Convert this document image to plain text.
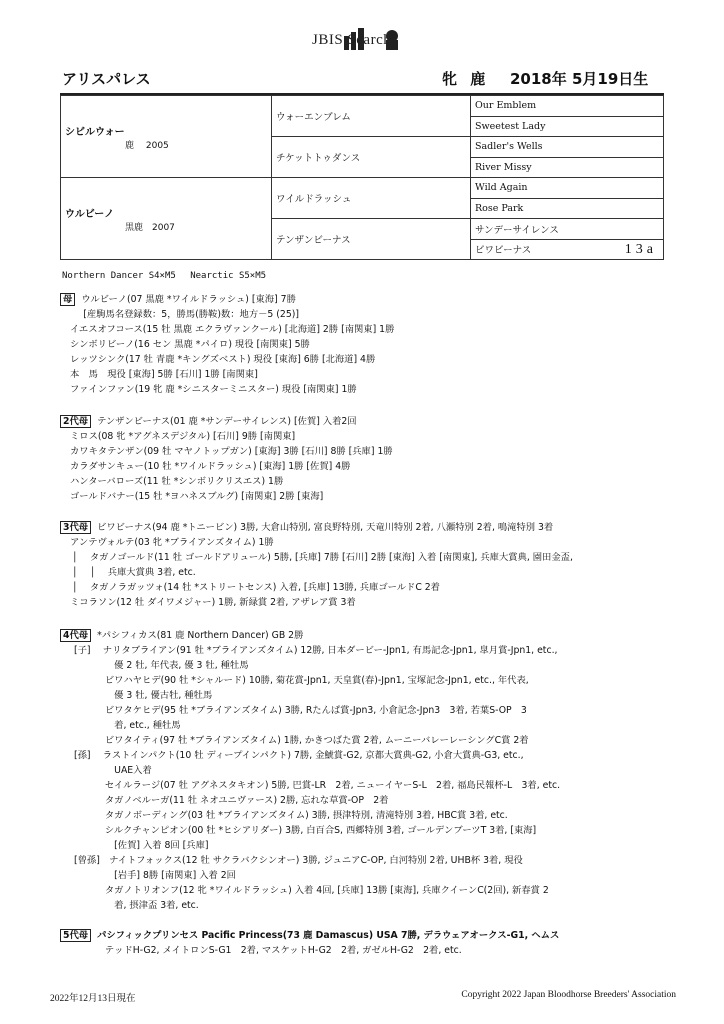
JBIS Search
アリスパレス	牝 鹿 2018年 5月19日生
シビルウォー
鹿　 2005	ウォーエンブレム	Our Emblem
		Sweetest Lady
	チケットトゥダンス	Sadler's Wells
		River Missy

ウルビーノ
黒鹿　2007	ワイルドラッシュ	Wild Again
		Rose Park
	テンザンビーナス	サンデーサイレンス
		ビワビーナス 13a
Northern Dancer S4×M5　 Nearctic S5×M5
母 ウルビーノ(07 黒鹿 *ワイルドラッシュ) [東海] 7勝
　[産駒馬名登録数：5，勝馬(勝鞍)数：地方－5 (25)]
イエスオフコース(15 牡 黒鹿 エクラヴァンクール) [北海道] 2勝 [南関東] 1勝
シンボリビーノ(16 セン 黒鹿 *パイロ) 現役 [南関東] 5勝
レッツシンク(17 牡 青鹿 *キングズベスト) 現役 [東海] 6勝 [北海道] 4勝
本　馬　現役 [東海] 5勝 [石川] 1勝 [南関東]
ファインファン(19 牝 鹿 *シニスターミニスター) 現役 [南関東] 1勝
2代母 テンザンビーナス(01 鹿 *サンデーサイレンス) [佐賀] 入着2回
ミロス(08 牝 *アグネスデジタル) [石川] 9勝 [南関東]
カワキタテンザン(09 牡 マヤノトップガン) [東海] 3勝 [石川] 8勝 [兵庫] 1勝
カラダサンキュー(10 牡 *ワイルドラッシュ) [東海] 1勝 [佐賀] 4勝
ハンターバローズ(11 牡 *シンボリクリスエス) 1勝
ゴールドバナー(15 牡 *ヨハネスブルグ) [南関東] 2勝 [東海]
3代母 ビワビーナス(94 鹿 *トニービン) 3勝, 大倉山特別, 富良野特別, 天竜川特別 2着, 八瀬特別 2着, 鳴滝特別 3着
アンテヴォルテ(03 牝 *ブライアンズタイム) 1勝
│　 タガノゴールド(11 牡 ゴールドアリュール) 5勝, [兵庫] 7勝 [石川] 2勝 [東海] 入着 [南関東], 兵庫大賞典, 園田金盃,
│　 │　 兵庫大賞典 3着, etc.
│　 タガノラガッツォ(14 牡 *ストリートセンス) 入着, [兵庫] 13勝, 兵庫ゴールドC 2着
ミコラソン(12 牡 ダイワメジャー) 1勝, 新緑賞 2着, アザレア賞 3着
4代母 *パシフィカス(81 鹿 Northern Dancer) GB 2勝
[子]　 ナリタブライアン(91 牡 *ブライアンズタイム) 12勝, 日本ダービー-Jpn1, 有馬記念-Jpn1, 皐月賞-Jpn1, etc.,
　　　　 優 2 牡, 年代表, 優 3 牡, 種牡馬
　　　 ビワハヤヒデ(90 牡 *シャルード) 10勝, 菊花賞-Jpn1, 天皇賞(春)-Jpn1, 宝塚記念-Jpn1, etc., 年代表,
　　　　 優 3 牡, 優古牡, 種牡馬
　　　 ビワタケヒデ(95 牡 *ブライアンズタイム) 3勝, Rたんぱ賞-Jpn3, 小倉記念-Jpn3　3着, 若葉S-OP　3
　　　　 着, etc., 種牡馬
　　　 ビワタイティ(97 牡 *ブライアンズタイム) 1勝, かきつばた賞 2着, ムーニーバレーレーシングC賞 2着
[孫]　 ラストインパクト(10 牡 ディープインパクト) 7勝, 金鯱賞-G2, 京都大賞典-G2, 小倉大賞典-G3, etc.,
　　　　 UAE入着
　　　 セイルラージ(07 牡 アグネスタキオン) 5勝, 巴賞-LR　2着, ニューイヤーS-L　2着, 福島民報杯-L　3着, etc.
　　　 タガノベルーガ(11 牡 ネオユニヴァース) 2勝, 忘れな草賞-OP　2着
　　　 タガノボーディング(03 牡 *ブライアンズタイム) 3勝, 摂津特別, 清滝特別 3着, HBC賞 3着, etc.
　　　 シルクチャンピオン(00 牡 *ヒシアリダー) 3勝, 白百合S, 西郷特別 3着, ゴールデンブーツT 3着, [東海]
　　　　 [佐賀] 入着 8回 [兵庫]
[曾孫]　ナイトフォックス(12 牡 サクラバクシンオー) 3勝, ジュニアC-OP, 白河特別 2着, UHB杯 3着, 現役
　　　　 [岩手] 8勝 [南関東] 入着 2回
　　　 タガノトリオンフ(12 牝 *ワイルドラッシュ) 入着 4回, [兵庫] 13勝 [東海], 兵庫クイーンC(2回), 新春賞 2
　　　　 着, 摂津盃 3着, etc.
5代母 パシフィックプリンセス Pacific Princess(73 鹿 Damascus) USA 7勝, デラウェアオークス-G1, ヘムス
　　　 テッドH-G2, メイトロンS-G1　2着, マスケットH-G2　2着, ガゼルH-G2　2着, etc.
2022年12月13日現在	Copyright 2022 Japan Bloodhorse Breeders' Association
